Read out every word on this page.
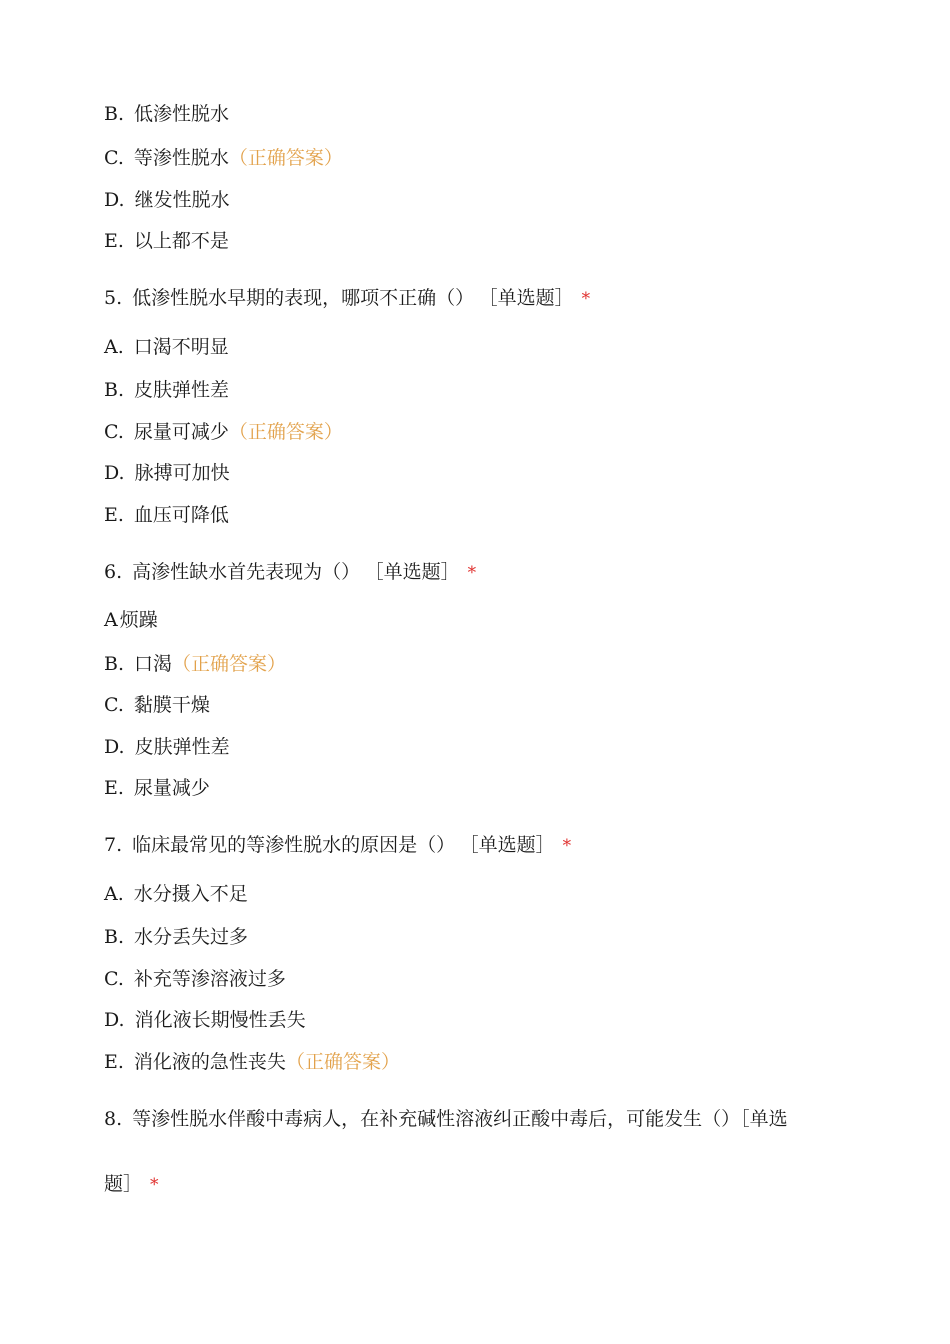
B. 低渗性脱水
C. 等渗性脱水（正确答案）
D. 继发性脱水
E. 以上都不是
5. 低渗性脱水早期的表现，哪项不正确（） ［单选题］ *
A. 口渴不明显
B. 皮肤弹性差
C. 尿量可减少（正确答案）
D. 脉搏可加快
E. 血压可降低
6. 高渗性缺水首先表现为（） ［单选题］ *
A 烦躁
B. 口渴（正确答案）
C. 黏膜干燥
D. 皮肤弹性差
E. 尿量减少
7. 临床最常见的等渗性脱水的原因是（） ［单选题］ *
A. 水分摄入不足
B. 水分丢失过多
C. 补充等渗溶液过多
D. 消化液长期慢性丢失
E. 消化液的急性丧失（正确答案）
8. 等渗性脱水伴酸中毒病人，在补充碱性溶液纠正酸中毒后，可能发生（）［单选
题］ *
